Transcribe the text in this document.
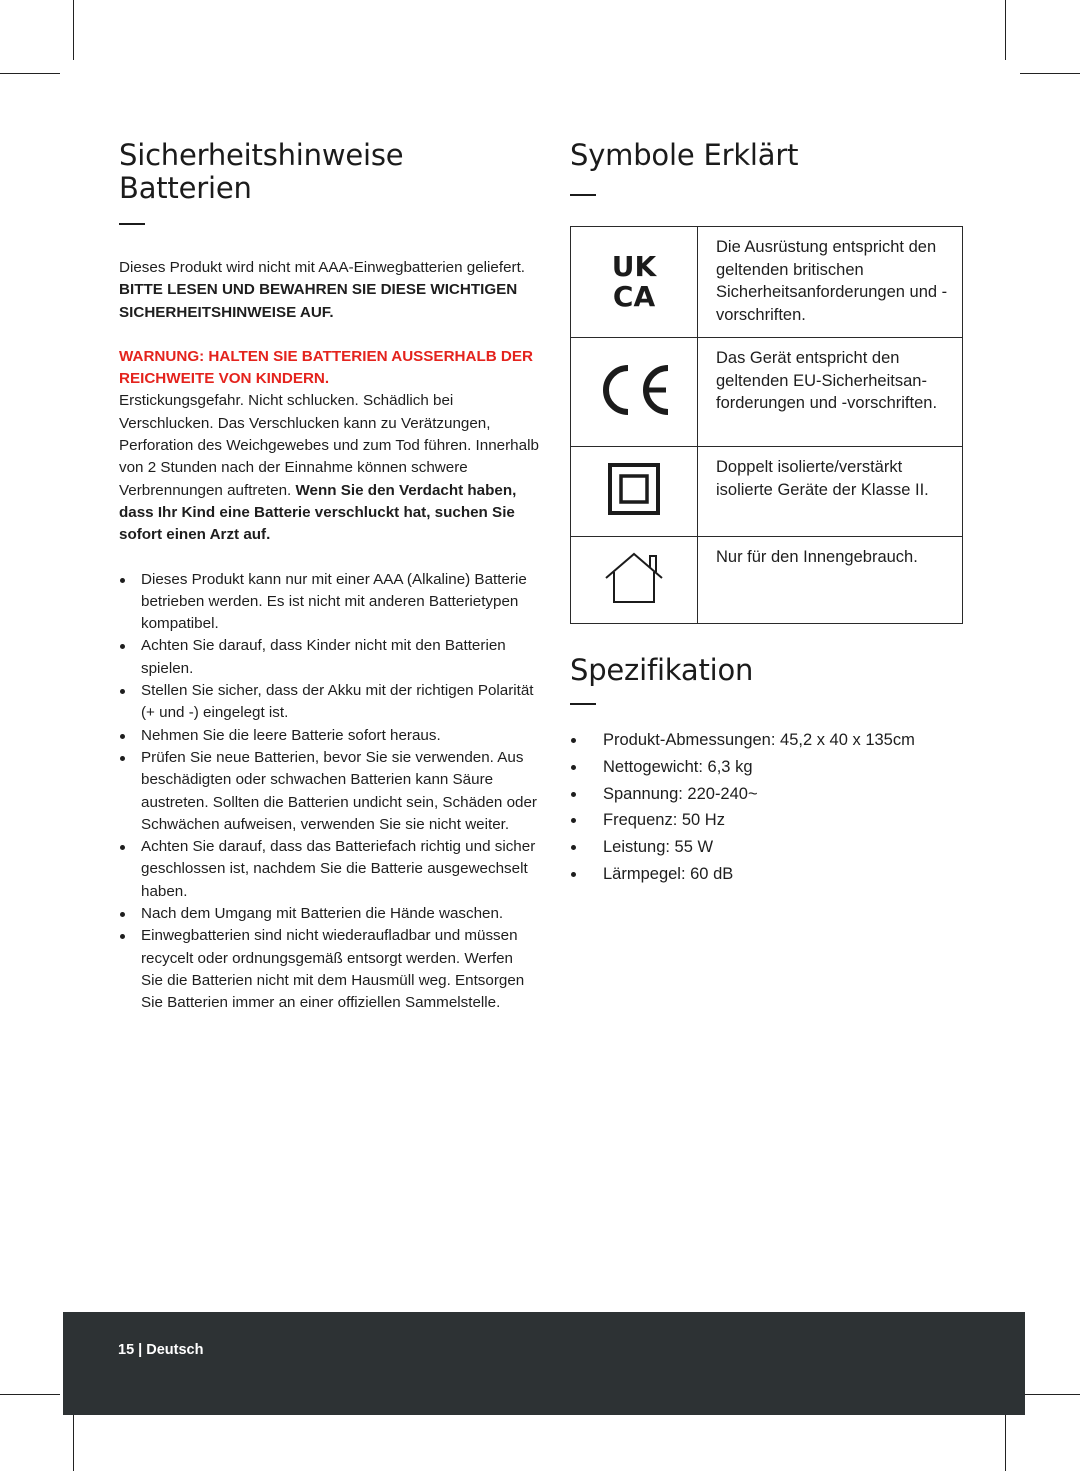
Sicherheitshinweise
Batterien

Dieses Produkt wird nicht mit AAA-Einwegbatterien geliefert.
BITTE LESEN UND BEWAHREN SIE DIESE WICHTIGEN SICHERHEITSHINWEISE AUF.

WARNUNG: HALTEN SIE BATTERIEN AUSSERHALB DER REICHWEITE VON KINDERN.
Erstickungsgefahr. Nicht schlucken. Schädlich bei Verschlucken. Das Verschlucken kann zu Verätzungen, Perforation des Weichgewebes und zum Tod führen. Innerhalb von 2 Stunden nach der Einnahme können schwere Verbrennungen auftreten. Wenn Sie den Verdacht haben, dass Ihr Kind eine Batterie verschluckt hat, suchen Sie sofort einen Arzt auf.

Dieses Produkt kann nur mit einer AAA (Alkaline) Batterie betrieben werden. Es ist nicht mit anderen Batterietypen kompatibel.
Achten Sie darauf, dass Kinder nicht mit den Batterien spielen.
Stellen Sie sicher, dass der Akku mit der richtigen Polarität (+ und -) eingelegt ist.
Nehmen Sie die leere Batterie sofort heraus.
Prüfen Sie neue Batterien, bevor Sie sie verwenden. Aus beschädigten oder schwachen Batterien kann Säure austreten. Sollten die Batterien undicht sein, Schäden oder Schwächen aufweisen, verwenden Sie sie nicht weiter.
Achten Sie darauf, dass das Batteriefach richtig und sicher geschlossen ist, nachdem Sie die Batterie ausgewechselt haben.
Nach dem Umgang mit Batterien die Hände waschen.
Einwegbatterien sind nicht wiederaufladbar und müssen recycelt oder ordnungsgemäß entsorgt werden. Werfen Sie die Batterien nicht mit dem Hausmüll weg. Entsorgen Sie Batterien immer an einer offiziellen Sammelstelle.
Symbole Erklärt
UK
CA	Die Ausrüstung entspricht den geltenden britischen Sicherheitsanforderungen und -vorschriften.
	Das Gerät entspricht den geltenden EU-Sicherheitsanforderungen und -vorschriften.
	Doppelt isolierte/verstärkt isolierte Geräte der Klasse II.
	Nur für den Innengebrauch.
Spezifikation
Produkt-Abmessungen: 45,2 x 40 x 135cm
Nettogewicht: 6,3 kg
Spannung: 220-240~
Frequenz: 50 Hz
Leistung: 55 W
Lärmpegel: 60 dB
15 | Deutsch
